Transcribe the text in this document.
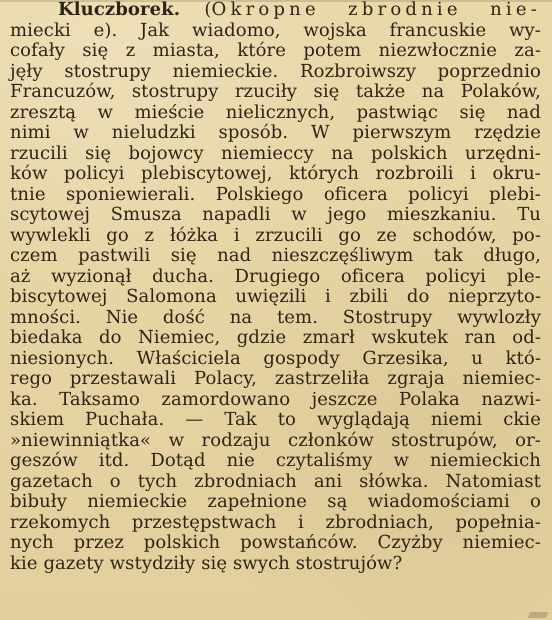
Kluczborek. (Okropne zbrodnie nie-
miecki e). Jak wiadomo, wojska francuskie wy-
cofały się z miasta, które potem niezwłocznie za-
jęły stostrupy niemieckie. Rozbroiwszy poprzednio
Francuzów, stostrupy rzuciły się także na Polaków,
zresztą w mieście nielicznych, pastwiąc się nad
nimi w nieludzki sposób. W pierwszym rzędzie
rzucili się bojowcy niemieccy na polskich urzędni-
ków policyi plebiscytowej, których rozbroili i okru-
tnie sponiewierali. Polskiego oficera policyi plebi-
scytowej Smusza napadli w jego mieszkaniu. Tu
wywlekli go z łóżka i zrzucili go ze schodów, po-
czem pastwili się nad nieszczęśliwym tak długo,
aż wyzionął ducha. Drugiego oficera policyi ple-
biscytowej Salomona uwięzili i zbili do nieprzyto-
mności. Nie dość na tem. Stostrupy wywlozły
biedaka do Niemiec, gdzie zmarł wskutek ran od-
niesionych. Właściciela gospody Grzesika, u któ-
rego przestawali Polacy, zastrzeliła zgraja niemiec-
ka. Taksamo zamordowano jeszcze Polaka nazwi-
skiem Puchała. — Tak to wyglądają niemi ckie
»niewinniątka« w rodzaju członków stostrupów, or-
geszów itd. Dotąd nie czytaliśmy w niemieckich
gazetach o tych zbrodniach ani słówka. Natomiast
bibuły niemieckie zapełnione są wiadomościami o
rzekomych przestępstwach i zbrodniach, popełnia-
nych przez polskich powstańców. Czyżby niemiec-
kie gazety wstydziły się swych stostrujów?
